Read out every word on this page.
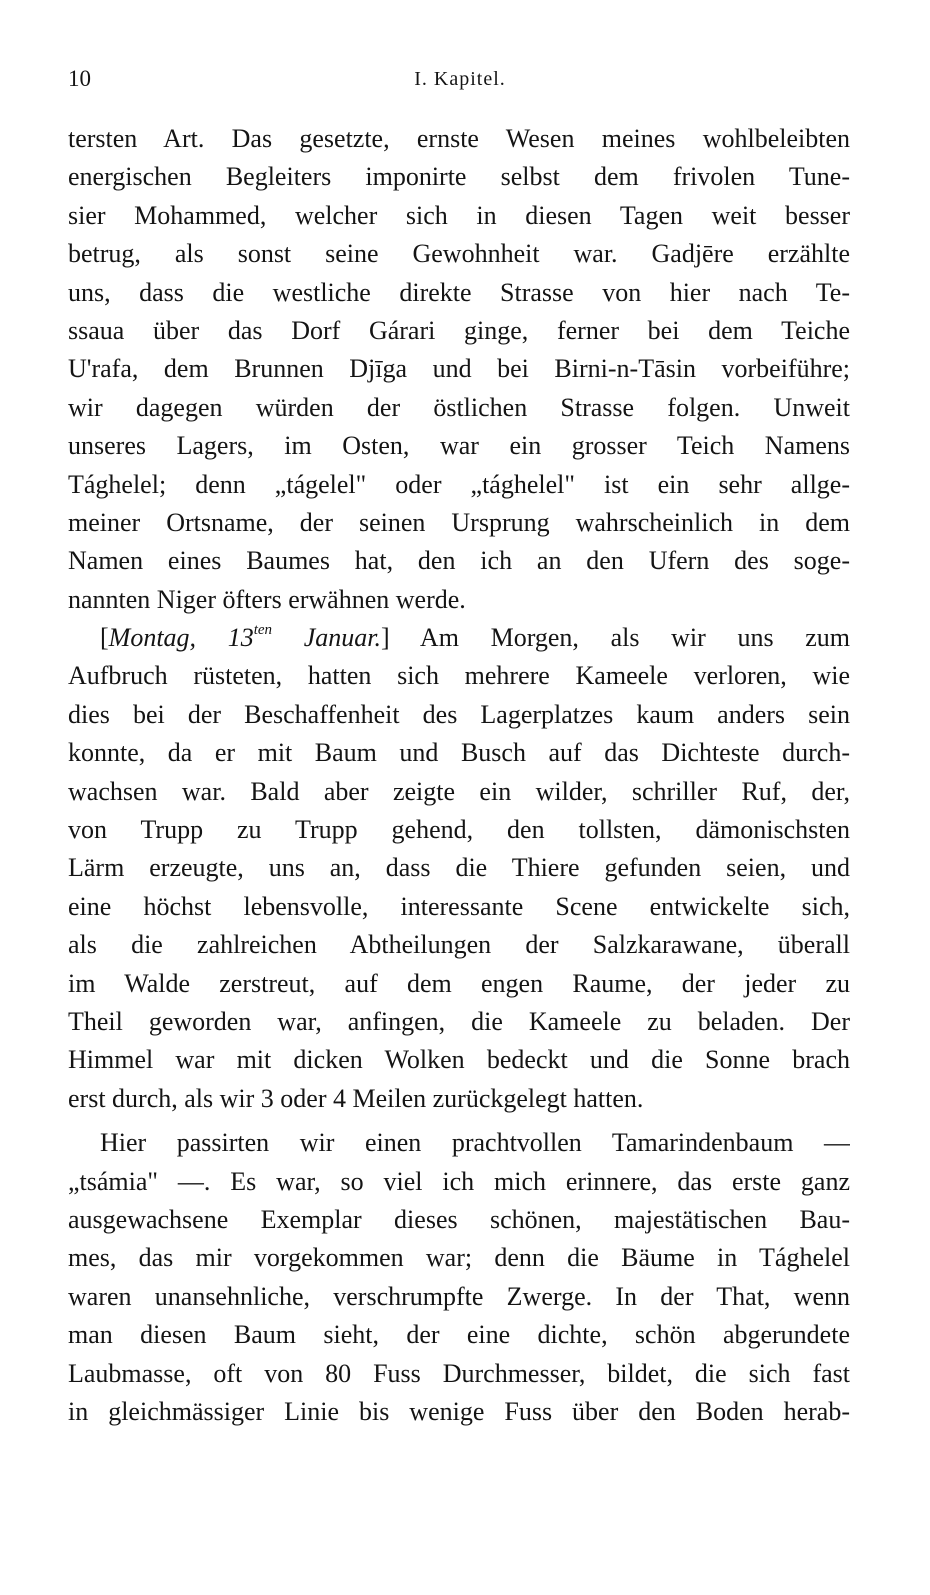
10	I. Kapitel.
tersten Art. Das gesetzte, ernste Wesen meines wohlbeleibten
energischen Begleiters imponirte selbst dem frivolen Tune-
sier Mohammed, welcher sich in diesen Tagen weit besser
betrug, als sonst seine Gewohnheit war. Gadjēre erzählte
uns, dass die westliche direkte Strasse von hier nach Te-
ssaua über das Dorf Gárari ginge, ferner bei dem Teiche
U'rafa, dem Brunnen Djīga und bei Birni-n-Tāsin vorbeiführe;
wir dagegen würden der östlichen Strasse folgen. Unweit
unseres Lagers, im Osten, war ein grosser Teich Namens
Tághelel; denn „tágelel" oder „tághelel" ist ein sehr allge-
meiner Ortsname, der seinen Ursprung wahrscheinlich in dem
Namen eines Baumes hat, den ich an den Ufern des soge-
nannten Niger öfters erwähnen werde.
[Montag, $13^{ten}$ Januar.] Am Morgen, als wir uns zum
Aufbruch rüsteten, hatten sich mehrere Kameele verloren, wie
dies bei der Beschaffenheit des Lagerplatzes kaum anders sein
konnte, da er mit Baum und Busch auf das Dichteste durch-
wachsen war. Bald aber zeigte ein wilder, schriller Ruf, der,
von Trupp zu Trupp gehend, den tollsten, dämonischsten
Lärm erzeugte, uns an, dass die Thiere gefunden seien, und
eine höchst lebensvolle, interessante Scene entwickelte sich,
als die zahlreichen Abtheilungen der Salzkarawane, überall
im Walde zerstreut, auf dem engen Raume, der jeder zu
Theil geworden war, anfingen, die Kameele zu beladen. Der
Himmel war mit dicken Wolken bedeckt und die Sonne brach
erst durch, als wir 3 oder 4 Meilen zurückgelegt hatten.
Hier passirten wir einen prachtvollen Tamarindenbaum —
„tsámia" —. Es war, so viel ich mich erinnere, das erste ganz
ausgewachsene Exemplar dieses schönen, majestätischen Bau-
mes, das mir vorgekommen war; denn die Bäume in Tághelel
waren unansehnliche, verschrumpfte Zwerge. In der That, wenn
man diesen Baum sieht, der eine dichte, schön abgerundete
Laubmasse, oft von 80 Fuss Durchmesser, bildet, die sich fast
in gleichmässiger Linie bis wenige Fuss über den Boden herab-
